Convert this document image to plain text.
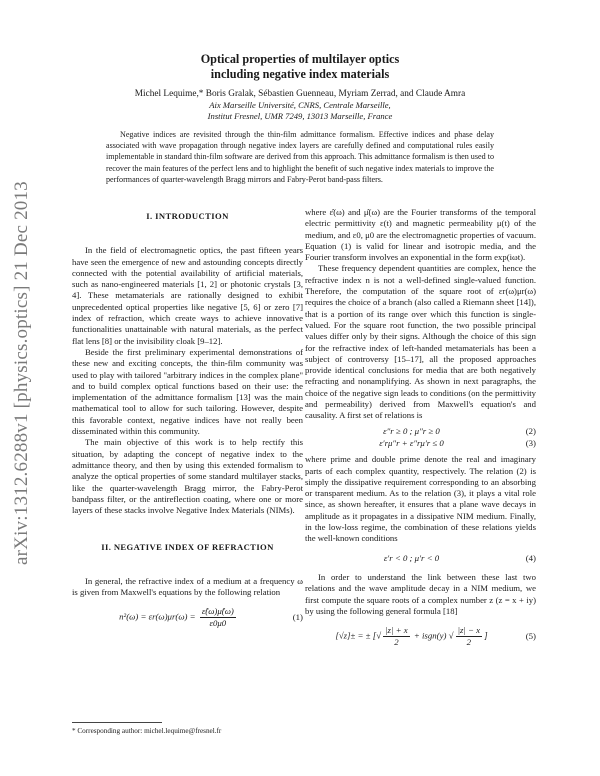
arXiv:1312.6288v1 [physics.optics] 21 Dec 2013
Optical properties of multilayer optics
including negative index materials
Michel Lequime,* Boris Gralak, Sébastien Guenneau, Myriam Zerrad, and Claude Amra
Aix Marseille Université, CNRS, Centrale Marseille,
Institut Fresnel, UMR 7249, 13013 Marseille, France

Negative indices are revisited through the thin-film admittance formalism. Effective indices and phase delay associated with wave propagation through negative index layers are carefully defined and computational rules easily implementable in standard thin-film software are derived from this approach. This admittance formalism is then used to recover the main features of the perfect lens and to highlight the benefit of such negative index materials to improve the performances of quarter-wavelength Bragg mirrors and Fabry-Perot band-pass filters.

I. INTRODUCTION

In the field of electromagnetic optics, the past fifteen years have seen the emergence of new and astounding concepts directly connected with the potential availability of artificial materials, such as nano-engineered materials [1, 2] or photonic crystals [3, 4]. These metamaterials are rationally designed to exhibit unprecedented optical properties like negative [5, 6] or zero [7] index of refraction, which create ways to achieve innovative functionalities unattainable with natural materials, as the perfect flat lens [8] or the invisibility cloak [9–12].

Beside the first preliminary experimental demonstrations of these new and exciting concepts, the thin-film community was used to play with tailored "arbitrary indices in the complex plane" and to build complex optical functions based on their use: the implementation of the admittance formalism [13] was the main mathematical tool to allow for such tailoring. However, despite this favorable context, negative indices have not really been disseminated within this community.

The main objective of this work is to help rectify this situation, by adapting the concept of negative index to the admittance theory, and then by using this extended formalism to analyze the optical properties of some standard multilayer stacks, like the quarter-wavelength Bragg mirror, the Fabry-Perot bandpass filter, or the antireflection coating, where one or more layers of these stacks involve Negative Index Materials (NIMs).

II. NEGATIVE INDEX OF REFRACTION

In general, the refractive index of a medium at a frequency ω is given from Maxwell's equations by the following relation

$n^2(\omega) = \varepsilon r(\omega)\mu r(\omega) = \frac{\varepsilon̂(\omega)\mû(\omega)}{\varepsilon 0\mu 0}$	(1)
* Corresponding author: michel.lequime@fresnel.fr

where ε̂(ω) and μ̂(ω) are the Fourier transforms of the temporal electric permittivity ε(t) and magnetic permeability μ(t) of the medium, and ε0, μ0 are the electromagnetic properties of vacuum. Equation (1) is valid for linear and isotropic media, and the Fourier transform involves an exponential in the form exp(iωt).

These frequency dependent quantities are complex, hence the refractive index n is not a well-defined single-valued function. Therefore, the computation of the square root of εr(ω)μr(ω) requires the choice of a branch (also called a Riemann sheet [14]), that is a portion of its range over which this function is single-valued. For the square root function, the two possible principal values differ only by their signs. Although the choice of this sign for the refractive index of left-handed metamaterials has been a subject of controversy [15–17], all the proposed approaches provide identical conclusions for media that are both negatively refracting and nonamplifying. As shown in next paragraphs, the choice of the negative sign leads to conditions (on the permittivity and permeability) derived from Maxwell's equation's and causality. A first set of relations is

ε″r ≥ 0 ; μ″r ≥ 0	(2)
ε′rμ″r + ε″rμ′r ≤ 0	(3)

where prime and double prime denote the real and imaginary parts of each complex quantity, respectively. The relation (2) is simply the dissipative requirement corresponding to an absorbing or transparent medium. As to the relation (3), it plays a vital role since, as shown hereafter, it ensures that a plane wave decays in amplitude as it propagates in a dissipative NIM medium. Finally, in the low-loss regime, the combination of these relations yields the well-known conditions

ε′r < 0 ; μ′r < 0	(4)

In order to understand the link between these last two relations and the wave amplitude decay in a NIM medium, we first compute the square roots of a complex number z (z = x + iy) by using the following general formula [18]

[√z]± = ± [√ $\frac{|z| + x}{2}$ + isgn(y) √ $\frac{|z| - x}{2}$ ]	(5)
